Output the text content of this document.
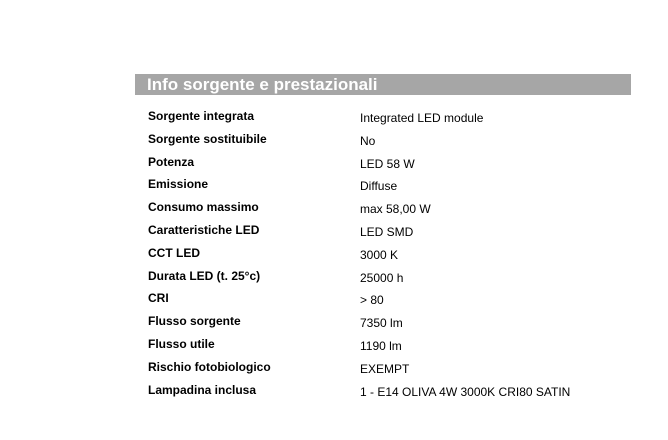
Info sorgente e prestazionali
Sorgente integrata	Integrated LED module
Sorgente sostituibile	No
Potenza	LED 58 W
Emissione	Diffuse
Consumo massimo	max 58,00 W
Caratteristiche LED	LED SMD
CCT LED	3000 K
Durata LED (t. 25°c)	25000 h
CRI	> 80
Flusso sorgente	7350 lm
Flusso utile	1190 lm
Rischio fotobiologico	EXEMPT
Lampadina inclusa	1 - E14 OLIVA 4W 3000K CRI80 SATIN
